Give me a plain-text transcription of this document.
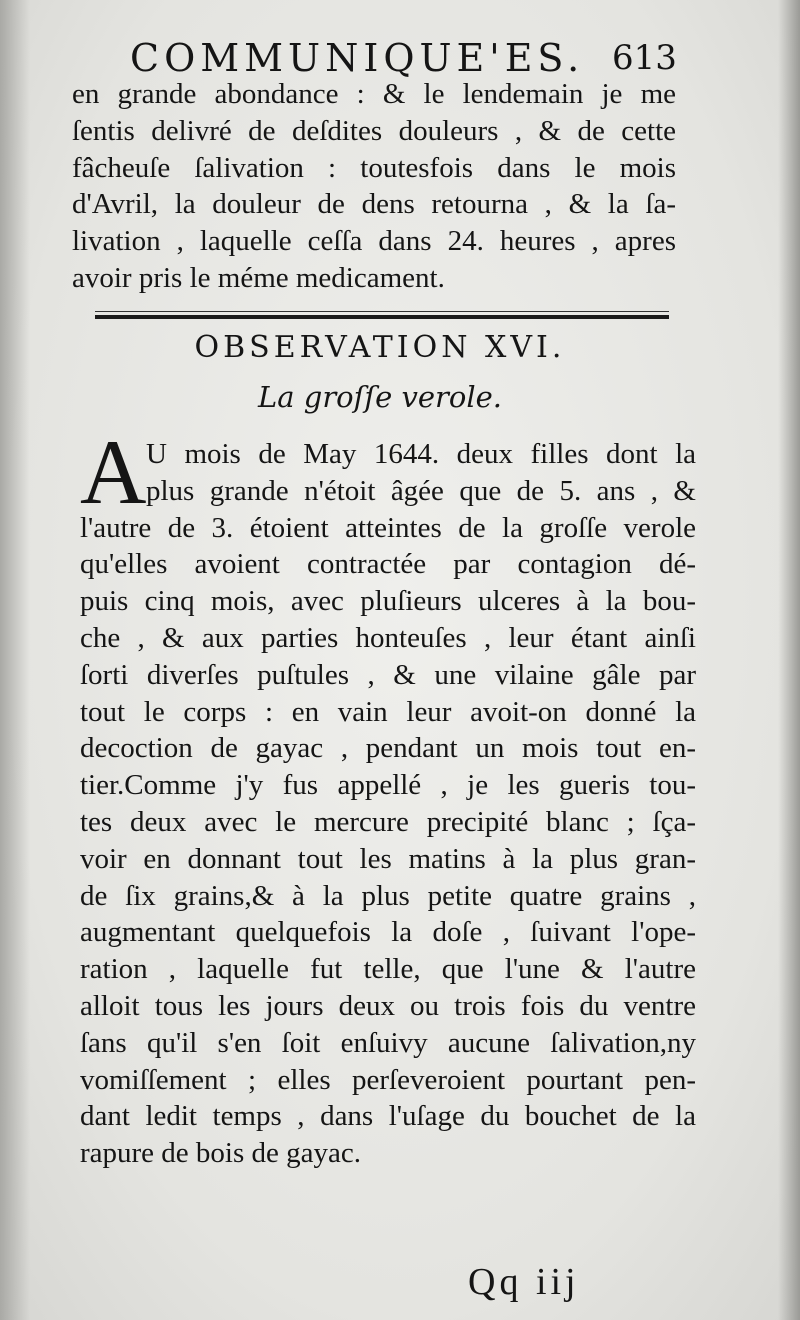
COMMUNIQUE'ES. 613
en grande abondance : & le lendemain je me
ſentis delivré de deſdites douleurs , & de cette
fâcheuſe ſalivation : toutesfois dans le mois
d'Avril, la douleur de dens retourna , & la ſa-
livation , laquelle ceſſa dans 24. heures , apres
avoir pris le méme medicament.
OBSERVATION XVI.
La groſſe verole.
A U mois de May 1644. deux filles dont la
plus grande n'étoit âgée que de 5. ans , &
l'autre de 3. étoient atteintes de la groſſe verole
qu'elles avoient contractée par contagion dé-
puis cinq mois, avec pluſieurs ulceres à la bou-
che , & aux parties honteuſes , leur étant ainſi
ſorti diverſes puſtules , & une vilaine gâle par
tout le corps : en vain leur avoit-on donné la
decoction de gayac , pendant un mois tout en-
tier.Comme j'y fus appellé , je les gueris tou-
tes deux avec le mercure precipité blanc ; ſça-
voir en donnant tout les matins à la plus gran-
de ſix grains,& à la plus petite quatre grains ,
augmentant quelquefois la doſe , ſuivant l'ope-
ration , laquelle fut telle, que l'une & l'autre
alloit tous les jours deux ou trois fois du ventre
ſans qu'il s'en ſoit enſuivy aucune ſalivation,ny
vomiſſement ; elles perſeveroient pourtant pen-
dant ledit temps , dans l'uſage du bouchet de la
rapure de bois de gayac.
Qq iij
